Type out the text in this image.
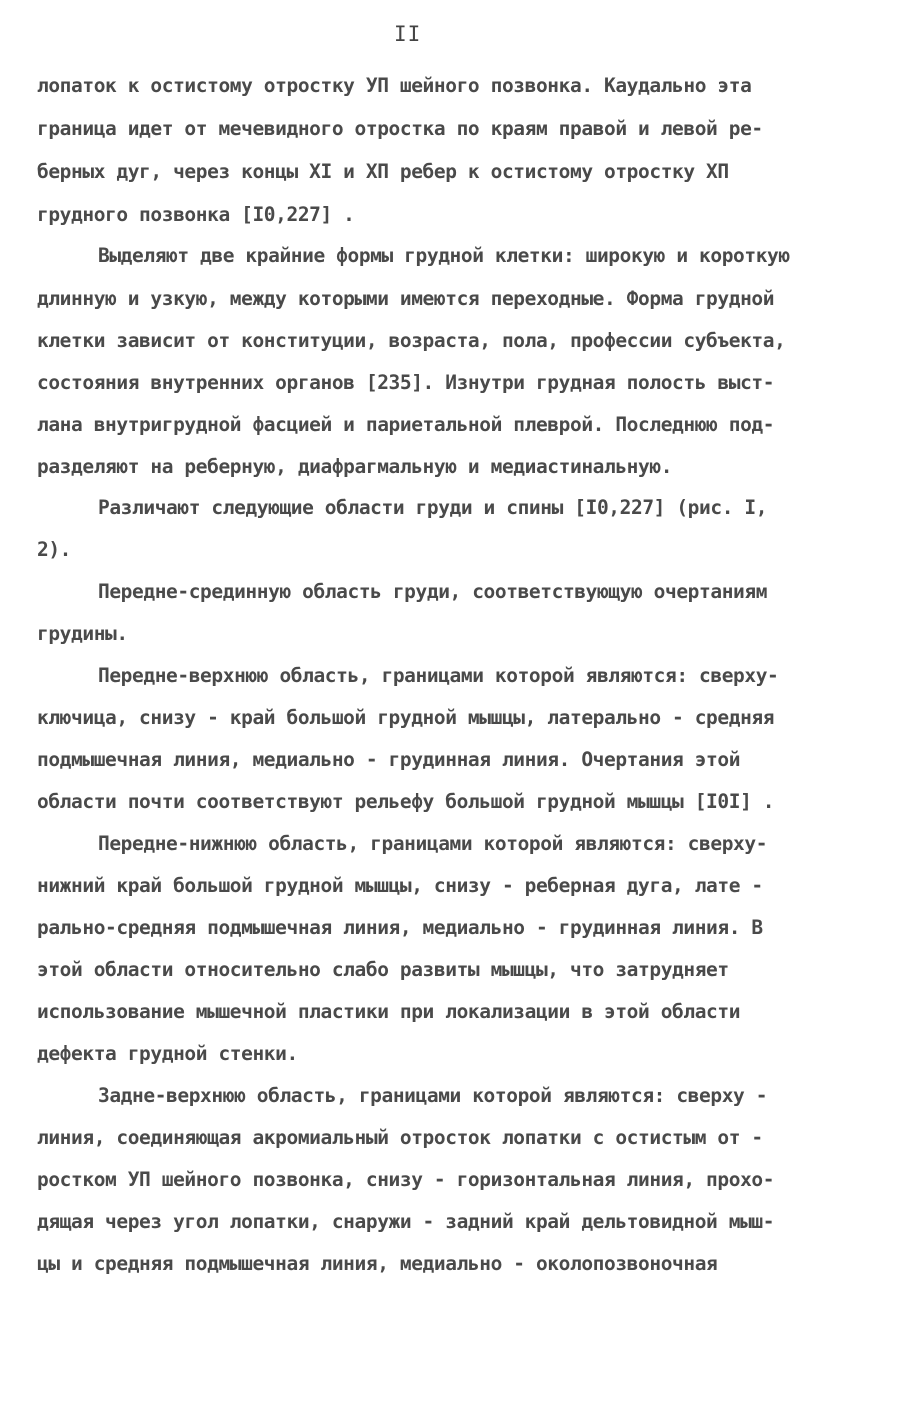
II
лопаток к остистому отростку УП шейного позвонка. Каудально эта
граница идет от мечевидного отростка по краям правой и левой ре-
берных дуг, через концы XI и XП ребер к остистому отростку XП
грудного позвонка [I0,227] .
Выделяют две крайние формы грудной клетки: широкую и короткую
длинную и узкую, между которыми имеются переходные. Форма грудной
клетки зависит от конституции, возраста, пола, профессии субъекта,
состояния внутренних органов [235]. Изнутри грудная полость выст-
лана внутригрудной фасцией и париетальной плеврой. Последнюю под-
разделяют на реберную, диафрагмальную и медиастинальную.
Различают следующие области груди и спины [I0,227] (рис. I,
2).
Передне-срединную область груди, соответствующую очертаниям
грудины.
Передне-верхнюю область, границами которой являются: сверху-
ключица, снизу - край большой грудной мышцы, латерально - средняя
подмышечная линия, медиально - грудинная линия. Очертания этой
области почти соответствуют рельефу большой грудной мышцы [I0I] .
Передне-нижнюю область, границами которой являются: сверху-
нижний край большой грудной мышцы, снизу - реберная дуга, лате -
рально-средняя подмышечная линия, медиально - грудинная линия. В
этой области относительно слабо развиты мышцы, что затрудняет
использование мышечной пластики при локализации в этой области
дефекта грудной стенки.
Задне-верхнюю область, границами которой являются: сверху -
линия, соединяющая акромиальный отросток лопатки с остистым от -
ростком УП шейного позвонка, снизу - горизонтальная линия, прохо-
дящая через угол лопатки, снаружи - задний край дельтовидной мыш-
цы и средняя подмышечная линия, медиально - околопозвоночная
